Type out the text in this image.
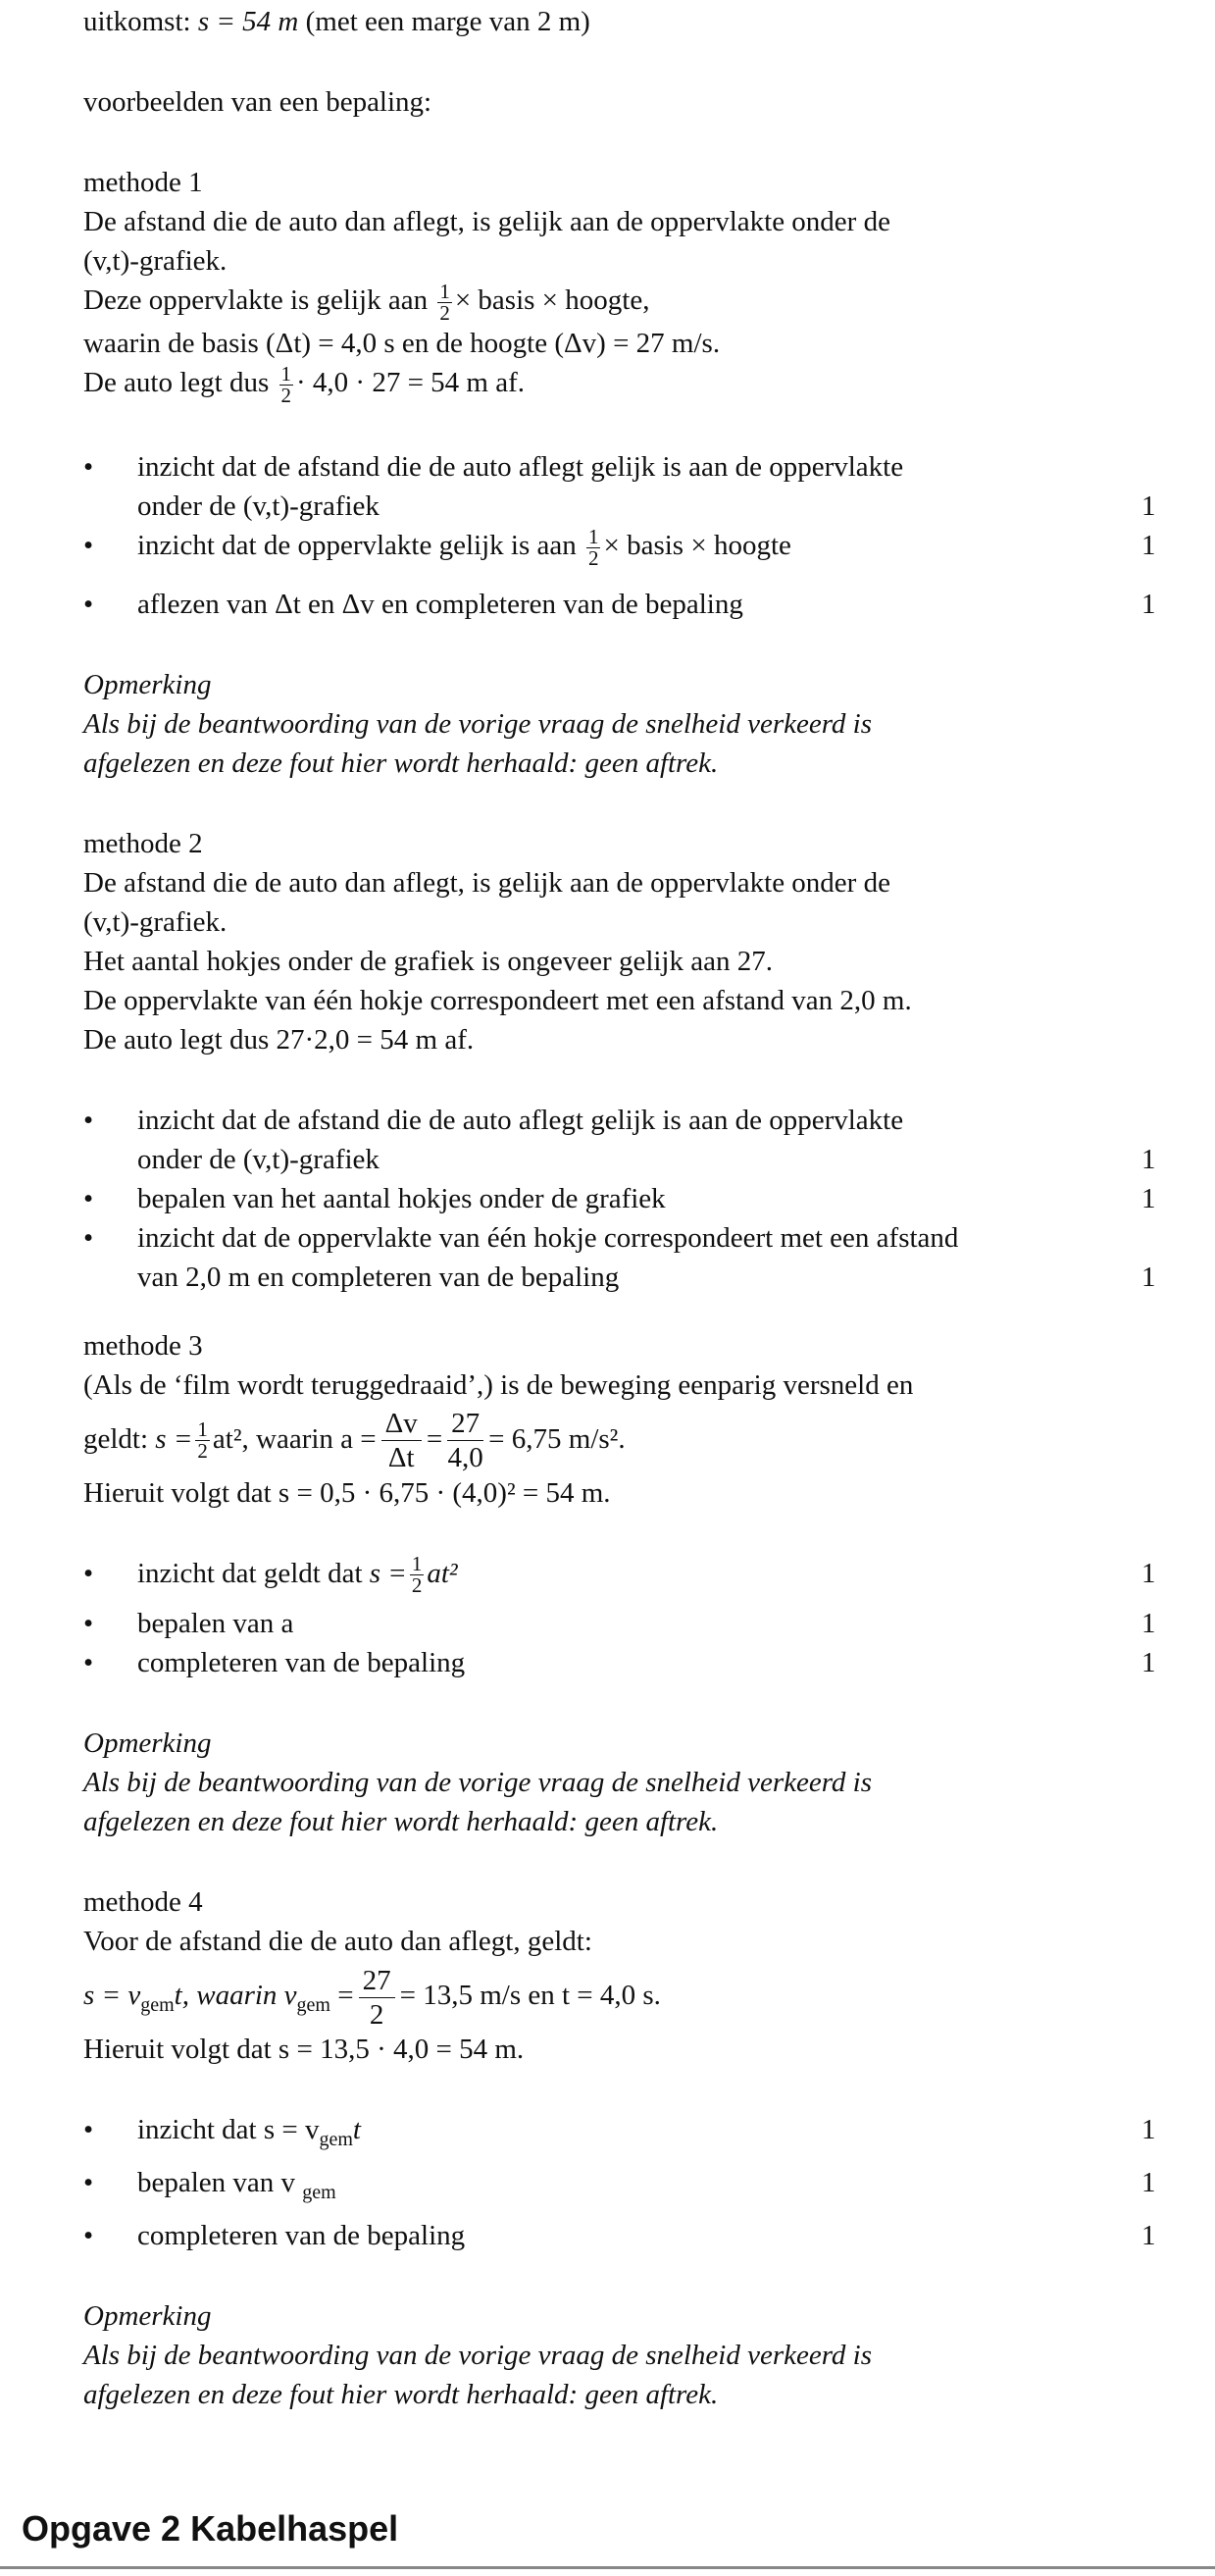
uitkomst: s = 54 m (met een marge van 2 m)
voorbeelden van een bepaling:
methode 1
De afstand die de auto dan aflegt, is gelijk aan de oppervlakte onder de
(v,t)-grafiek.
Deze oppervlakte is gelijk aan $\frac{1}{2}$ × basis × hoogte,
waarin de basis (Δt) = 4,0 s en de hoogte (Δv) = 27 m/s.
De auto legt dus $\frac{1}{2} \cdot 4,0 \cdot 27 = 54$ m af.
• inzicht dat de afstand die de auto aflegt gelijk is aan de oppervlakte
onder de (v,t)-grafiek	1
• inzicht dat de oppervlakte gelijk is aan $\frac{1}{2}$ × basis × hoogte	1
• aflezen van Δt en Δv en completeren van de bepaling	1
Opmerking
Als bij de beantwoording van de vorige vraag de snelheid verkeerd is
afgelezen en deze fout hier wordt herhaald: geen aftrek.
methode 2
De afstand die de auto dan aflegt, is gelijk aan de oppervlakte onder de
(v,t)-grafiek.
Het aantal hokjes onder de grafiek is ongeveer gelijk aan 27.
De oppervlakte van één hokje correspondeert met een afstand van 2,0 m.
De auto legt dus 27·2,0 = 54 m af.
• inzicht dat de afstand die de auto aflegt gelijk is aan de oppervlakte
onder de (v,t)-grafiek	1
• bepalen van het aantal hokjes onder de grafiek	1
• inzicht dat de oppervlakte van één hokje correspondeert met een afstand
van 2,0 m en completeren van de bepaling	1
methode 3
(Als de ‘film wordt teruggedraaid’,) is de beweging eenparig versneld en
geldt: $s = \frac{1}{2} at^2$, waarin $a = \frac{\Delta v}{\Delta t} = \frac{27}{4,0} = 6,75$ m/s².
Hieruit volgt dat s = 0,5 · 6,75 · (4,0)² = 54 m.
• inzicht dat geldt dat $s = \frac{1}{2} at^2$	1
• bepalen van a	1
• completeren van de bepaling	1
Opmerking
Als bij de beantwoording van de vorige vraag de snelheid verkeerd is
afgelezen en deze fout hier wordt herhaald: geen aftrek.
methode 4
Voor de afstand die de auto dan aflegt, geldt:
$s = v_{gem}t$, waarin $v_{gem} = \frac{27}{2} = 13,5$ m/s en t = 4,0 s.
Hieruit volgt dat s = 13,5 · 4,0 = 54 m.
• inzicht dat $s = v_{gem}t$	1
• bepalen van v $_{gem}$	1
• completeren van de bepaling	1
Opmerking
Als bij de beantwoording van de vorige vraag de snelheid verkeerd is
afgelezen en deze fout hier wordt herhaald: geen aftrek.
Opgave 2 Kabelhaspel
